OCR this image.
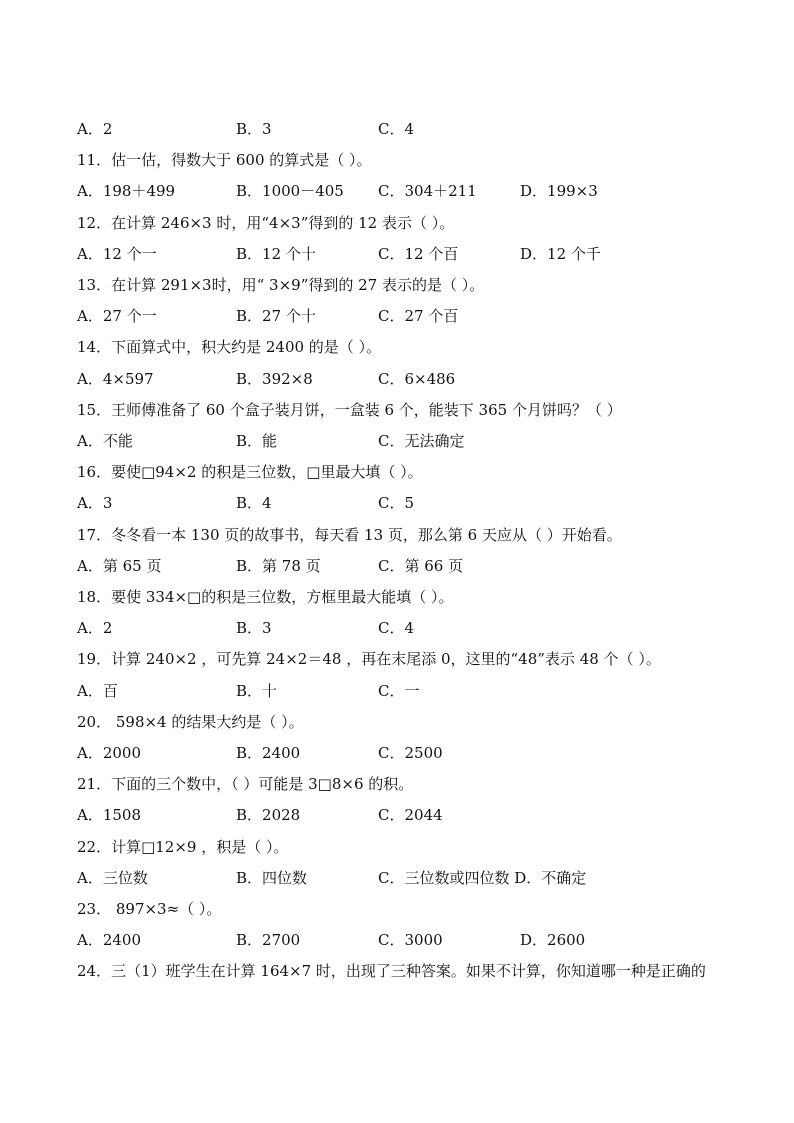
A．2	B．3	C．4
11．估一估，得数大于 600 的算式是（ ）。
A．198＋499	B．1000－405 C．304＋211	D．199×3
12．在计算 246×3 时，用“4×3”得到的 12 表示（ ）。
A．12 个一	B．12 个十	C．12 个百	D．12 个千
13．在计算 291×3时，用“ 3×9”得到的 27 表示的是（ ）。
A．27 个一	B．27 个十	C．27 个百
14．下面算式中，积大约是 2400 的是（ ）。
A．4×597	B．392×8	C．6×486
15．王师傅准备了 60 个盒子装月饼，一盒装 6 个，能装下 365 个月饼吗？（ ）
A．不能	B．能	C．无法确定
16．要使□94×2 的积是三位数，□里最大填（ ）。
A．3	B．4	C．5
17．冬冬看一本 130 页的故事书，每天看 13 页，那么第 6 天应从（ ）开始看。
A．第 65 页	B．第 78 页	C．第 66 页
18．要使 334×□的积是三位数，方框里最大能填（ ）。
A．2	B．3	C．4
19．计算 240×2 ，可先算 24×2＝48 ，再在末尾添 0，这里的“48”表示 48 个（ ）。
A．百	B．十	C．一
20． 598×4 的结果大约是（ ）。
A．2000	B．2400	C．2500
21．下面的三个数中，（ ）可能是 3□8×6 的积。
A．1508	B．2028	C．2044
22．计算□12×9 ，积是（ ）。
A．三位数	B．四位数	C．三位数或四位数 D．不确定
23． 897×3≈（ ）。
A．2400	B．2700	C．3000	D．2600
24．三（1）班学生在计算 164×7 时，出现了三种答案。如果不计算，你知道哪一种是正确的
